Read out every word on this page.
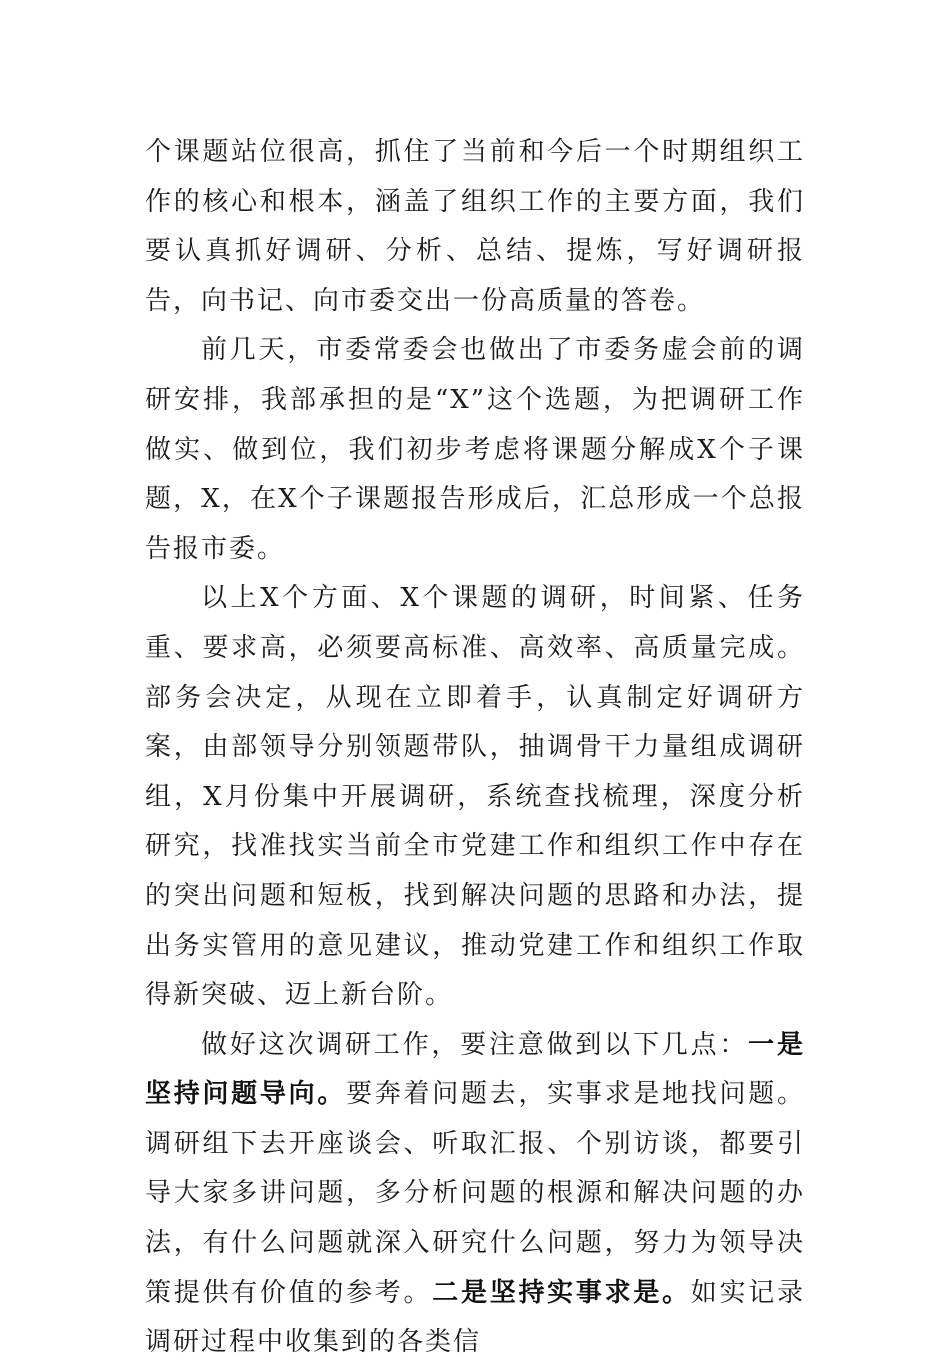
个课题站位很高，抓住了当前和今后一个时期组织工作的核心和根本，涵盖了组织工作的主要方面，我们要认真抓好调研、分析、总结、提炼，写好调研报告，向书记、向市委交出一份高质量的答卷。

前几天，市委常委会也做出了市委务虚会前的调研安排，我部承担的是“X”这个选题，为把调研工作做实、做到位，我们初步考虑将课题分解成X个子课题，X，在X个子课题报告形成后，汇总形成一个总报告报市委。

以上X个方面、X个课题的调研，时间紧、任务重、要求高，必须要高标准、高效率、高质量完成。部务会决定，从现在立即着手，认真制定好调研方案，由部领导分别领题带队，抽调骨干力量组成调研组，X月份集中开展调研，系统查找梳理，深度分析研究，找准找实当前全市党建工作和组织工作中存在的突出问题和短板，找到解决问题的思路和办法，提出务实管用的意见建议，推动党建工作和组织工作取得新突破、迈上新台阶。

做好这次调研工作，要注意做到以下几点：一是坚持问题导向。要奔着问题去，实事求是地找问题。调研组下去开座谈会、听取汇报、个别访谈，都要引导大家多讲问题，多分析问题的根源和解决问题的办法，有什么问题就深入研究什么问题，努力为领导决策提供有价值的参考。二是坚持实事求是。如实记录调研过程中收集到的各类信
